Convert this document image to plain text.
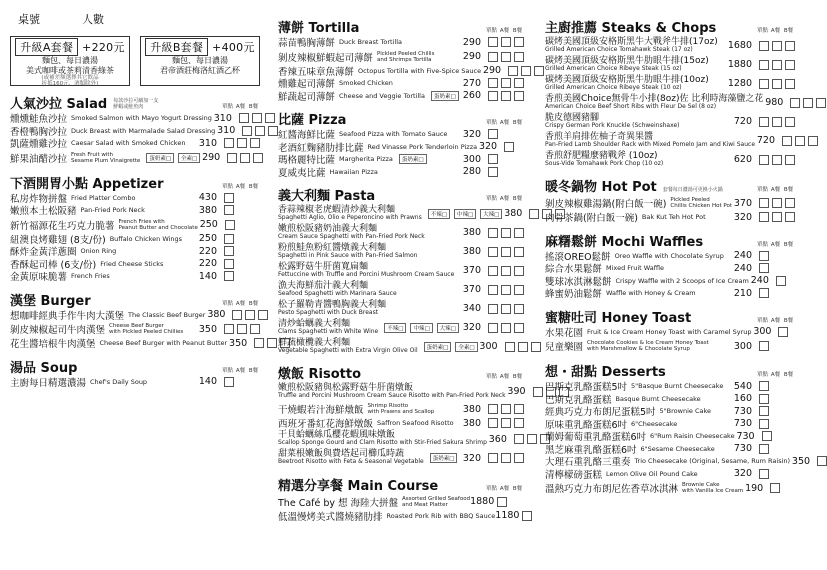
桌號	人數
升級A套餐 +220元
麵包、每日濃湯
美式咖啡或茶莉清香綠茶
(或補差額選擇其它飲品
折抵160元，酒類除外)
升級B套餐 +400元
麵包、每日濃湯
君帝酒莊梅洛紅酒乙杯
人氣沙拉 Salad 每款沙拉可續加一支
鮮蝦或鮭魚肉	單點 A餐 B餐
燻燻鮭魚沙拉 Smoked Salmon with Mayo Yogurt Dressing 310
香橙鴨胸沙拉 Duck Breast with Marmalade Salad Dressing 310
凱薩燻雞沙拉 Caesar Salad with Smoked Chicken 310
鮮果油醋沙拉 Fresh Fruit with
Sesame Plum Vinaigrette	蛋奶素□	全素□ 290
下酒開胃小點 Appetizer	單點 A餐 B餐
私房炸物拼盤 Fried Platter Combo	430
嫩煎本土松阪豬 Pan-Fried Pork Neck	380
新竹福源花生巧克力脆薯 French Fries with
Peanut Butter and Chocolate 250
紐澳良烤雞翅 (8支/份) Buffalo Chicken Wings 250
酥炸金黃洋蔥圈 Onion Ring	220
香酥起司棒 (6支/份) Fried Cheese Sticks	220
金黃原味脆薯 French Fries	140
漢堡 Burger	單點 A餐 B餐
想咖啡經典手作牛肉大漢堡 The Classic Beef Burger 380
剝皮辣椒起司牛肉漢堡 Cheese Beef Burger
with Pickled Peeled Chillies 350
花生醬培根牛肉漢堡 Cheese Beef Burger with Peanut Butter 350
湯品 Soup	單點 A餐 B餐
主廚每日精選濃湯 Chef's Daily Soup	140
薄餅 Tortilla	單點 A餐 B餐
蒜苗鴨胸薄餅 Duck Breast Tortilla	290
剝皮辣椒鮮蝦起司薄餅 Pickled Peeled Chillis
and Shrimps Tortilla	290
香辣五味章魚薄餅 Octopus Tortilla with Five-Spice Sauce 290
燻雞起司薄餅 Smoked Chicken	270
鮮蔬起司薄餅 Cheese and Veggie Tortilla	蛋奶素□ 260
比薩 Pizza	單點 A餐 B餐
紅醬海鮮比薩 Seafood Pizza with Tomato Sauce 320
老酒紅麴豬肋排比薩 Red Vinasse Pork Tenderloin Pizza 320
瑪格麗特比薩 Margherita Pizza	蛋奶素□	300
夏威夷比薩 Hawaiian Pizza	280
義大利麵 Pasta	單點 A餐 B餐
香蒜辣椒老虎蝦清炒義大利麵
Spaghetti Aglio, Olio e Peperoncino with Prawns	不辣□	中辣□	大辣□ 380
嫩煎松阪豬奶油義大利麵
Cream Sauce Spaghetti with Pan-Fried Pork Neck	380
粉煎鮭魚粉紅醬燉義大利麵
Spaghetti in Pink Sauce with Pan-Fried Salmon	380
松露野菇牛肝菌寬扁麵
Fettuccine with Truffle and Porcini Mushroom Cream Sauce 370
漁夫海鮮茄汁義大利麵
Seafood Spaghetti with Marinara Sauce	370
松子羅勒青醬鴨胸義大利麵
Pesto Spaghetti with Duck Breast	340
清炒蛤蠣義大利麵
Clams Spaghetti with White Wine	不辣□	中辣□	大辣□ 320
鮮蔬橄欖義大利麵
Vegetable Spaghetti with Extra Virgin Olive Oil	蛋奶素□	全素□ 300
燉飯 Risotto	單點 A餐 B餐
嫩煎松阪豬與松露野菇牛肝菌燉飯
Truffle and Porcini Mushroom Cream Sauce Risotto with Pan-Fried Pork Neck 390
干燒蝦若汁海鮮燉飯 Shrimp Risotto
with Prawns and Scallop	380
西班牙番紅花海鮮燉飯 Saffron Seafood Risotto 380
干貝蛤蠣絲瓜櫻花蝦風味燉飯
Scallop Sponge Gourd and Clam Risotto with Stir-Fried Sakura Shrimp 360
甜菜根嫩飯與費塔起司櫛瓜時蔬
Beetroot Risotto with Feta & Seasonal Vegetable	蛋奶素□ 320
精選分享餐 Main Course	單點 A餐 B餐
The Café by 想 海陸大拼盤 Assorted Grilled Seafood
and Meat Platter	1880
低溫慢烤美式醬燒豬肋排 Roasted Pork Rib with BBQ Sauce 1180
主廚推薦 Steaks & Chops	單點 A餐 B餐
碳烤美國頂級安格斯黑牛大戰斧牛排(17oz)
Grilled American Choice Tomahawk Steak (17 oz)	1680
碳烤美國頂級安格斯黑牛肋眼牛排(15oz)
Grilled American Choice Ribeye Steak (15 oz)	1880
碳烤美國頂級安格斯黑牛肋眼牛排(10oz)
Grilled American Choice Ribeye Steak (10 oz)	1280
香煎美國Choice無骨牛小排(8oz)佐 比利時海藻鹽之花
American Choice Beef Short Ribs with Fleur De Sel (8 oz)	980
脆皮德國豬腳
Crispy German Pork Knuckle (Schweinshaxe)	720
香煎羊肩排佐柚子奇異果醬
Pan-Fried Lamb Shoulder Rack with Mixed Pomelo Jam and Kiwi Sauce 720
香煎舒肥糧麼豬戰斧 (10oz)
Sous-Vide Tomahawk Pork Chop (10 oz)	620
暖冬鍋物 Hot Pot 套餐每日濃湯可更換小火鍋	單點 A餐 B餐
剝皮辣椒雞湯鍋(附白飯一碗) Pickled Peeled
Chillis Chicken Hot Pot 370
肉骨茶鍋(附白飯一碗) Bak Kut Teh Hot Pot	320
麻糬鬆餅 Mochi Waffles	單點 A餐 B餐
搖滾OREO鬆餅 Oreo Waffle with Chocolate Syrup 240
綜合水果鬆餅 Mixed Fruit Waffle	240
雙球冰淇淋鬆餅 Crispy Waffle with 2 Scoops of Ice Cream 240
蜂蜜奶油鬆餅 Waffle with Honey & Cream	210
蜜糖吐司 Honey Toast	單點 A餐 B餐
水果花園 Fruit & Ice Cream Honey Toast with Caramel Syrup 300
兒童樂園 Chocolate Cookies & Ice Cream Honey Toast
with Marshmallow & Chocolate Syrup	300
想・甜點 Desserts	單點 A餐 B餐
巴斯克乳酪蛋糕5吋 5"Basque Burnt Cheesecake 540
巴斯克乳酪蛋糕 Basque Burnt Cheesecake	160
經典巧克力布朗尼蛋糕5吋 5"Brownie Cake 730
原味重乳酪蛋糕6吋 6"Cheesecake	730
蘭姆葡萄重乳酪蛋糕6吋 6"Rum Raisin Cheesecake 730
黑芝麻重乳酪蛋糕6吋 6"Sesame Cheesecake 730
大理石重乳酪三重奏 Trio Cheesecake (Original, Sesame, Rum Raisin) 350
清檸檬磅蛋糕 Lemon Olive Oil Pound Cake	320
溫熱巧克力布朗尼佐香草冰淇淋 Brownie Cake
with Vanilla Ice Cream 190
